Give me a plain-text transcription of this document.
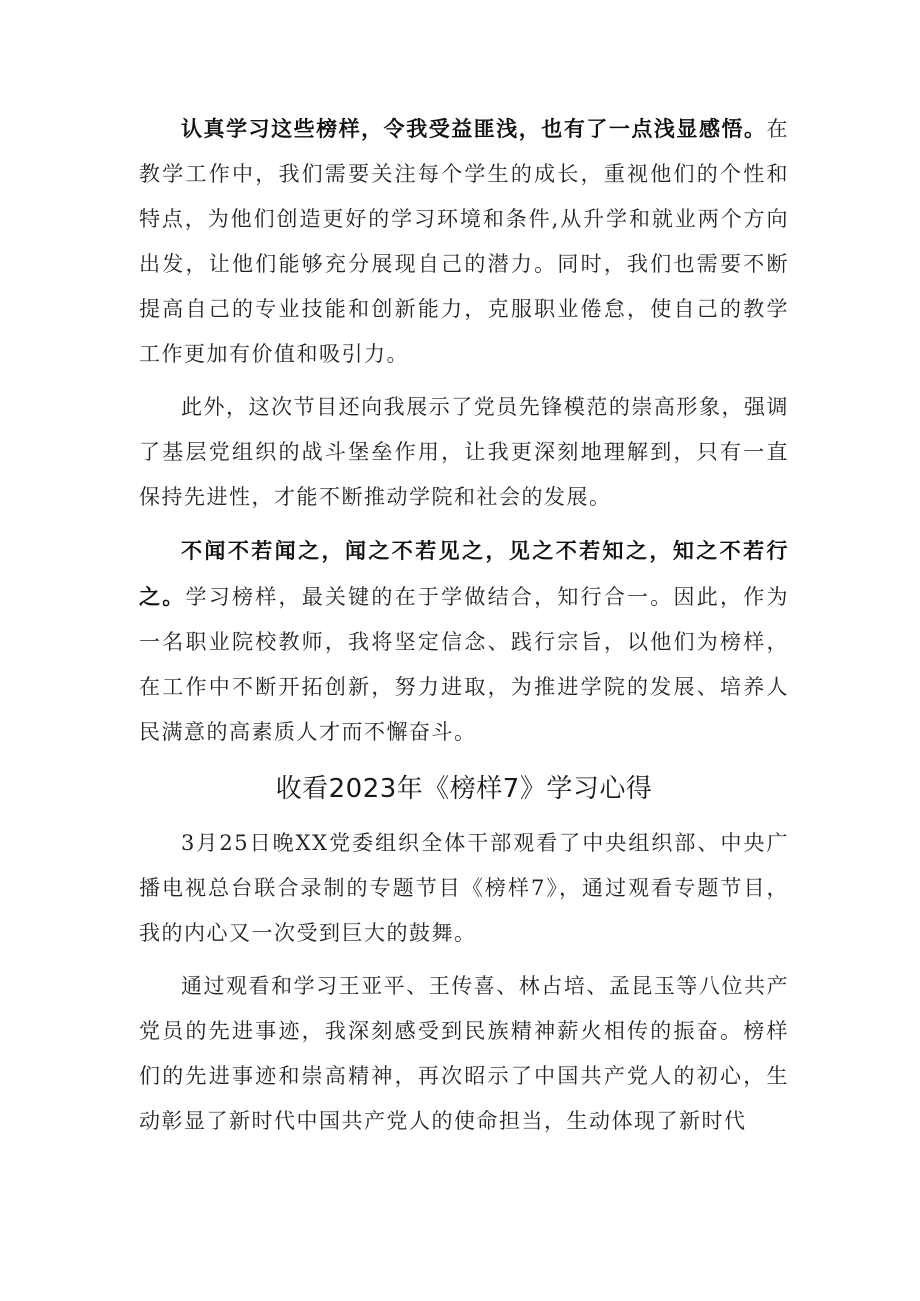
认真学习这些榜样，令我受益匪浅，也有了一点浅显感悟。在教学工作中，我们需要关注每个学生的成长，重视他们的个性和特点，为他们创造更好的学习环境和条件,从升学和就业两个方向出发，让他们能够充分展现自己的潜力。同时，我们也需要不断提高自己的专业技能和创新能力，克服职业倦怠，使自己的教学工作更加有价值和吸引力。

此外，这次节目还向我展示了党员先锋模范的崇高形象，强调了基层党组织的战斗堡垒作用，让我更深刻地理解到，只有一直保持先进性，才能不断推动学院和社会的发展。

不闻不若闻之，闻之不若见之，见之不若知之，知之不若行之。学习榜样，最关键的在于学做结合，知行合一。因此，作为一名职业院校教师，我将坚定信念、践行宗旨，以他们为榜样，在工作中不断开拓创新，努力进取，为推进学院的发展、培养人民满意的高素质人才而不懈奋斗。

收看2023年《榜样7》学习心得

3月25日晚XX党委组织全体干部观看了中央组织部、中央广播电视总台联合录制的专题节目《榜样7》，通过观看专题节目，我的内心又一次受到巨大的鼓舞。

通过观看和学习王亚平、王传喜、林占培、孟昆玉等八位共产党员的先进事迹，我深刻感受到民族精神薪火相传的振奋。榜样们的先进事迹和崇高精神，再次昭示了中国共产党人的初心，生动彰显了新时代中国共产党人的使命担当，生动体现了新时代
